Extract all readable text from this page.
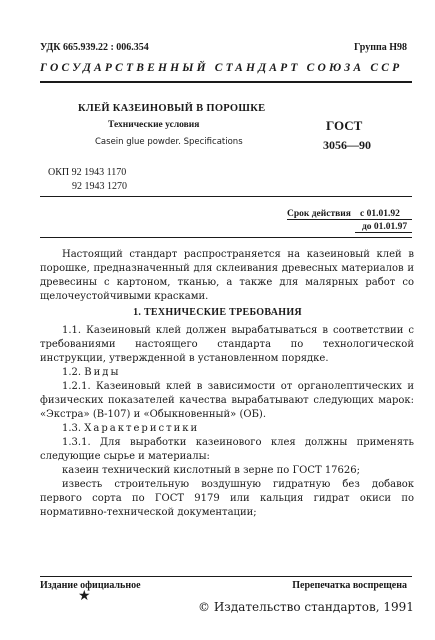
УДК 665.939.22 : 006.354	Группа Н98
ГОСУДАРСТВЕННЫЙ СТАНДАРТ СОЮЗА ССР
КЛЕЙ КАЗЕИНОВЫЙ В ПОРОШКЕ
Технические условия
Casein glue powder. Specifications
ГОСТ
3056—90
ОКП 92 1943 1170
92 1943 1270
Срок действия с 01.01.92
до 01.01.97
Настоящий стандарт распространяется на казеиновый клей в порошке, предназначенный для склеивания древесных материалов и древесины с картоном, тканью, а также для малярных работ со щелочеустойчивыми красками.
1. ТЕХНИЧЕСКИЕ ТРЕБОВАНИЯ

1.1. Казеиновый клей должен вырабатываться в соответствии с требованиями настоящего стандарта по технологической инструкции, утвержденной в установленном порядке.

1.2. Виды

1.2.1. Казеиновый клей в зависимости от органолептических и физических показателей качества вырабатывают следующих марок: «Экстра» (В-107) и «Обыкновенный» (ОБ).

1.3. Характеристики

1.3.1. Для выработки казеинового клея должны применять следующие сырье и материалы:

казеин технический кислотный в зерне по ГОСТ 17626;

известь строительную воздушную гидратную без добавок первого сорта по ГОСТ 9179 или кальция гидрат окиси по нормативно-технической документации;

Издание официальное	Перепечатка воспрещена
★
© Издательство стандартов, 1991
